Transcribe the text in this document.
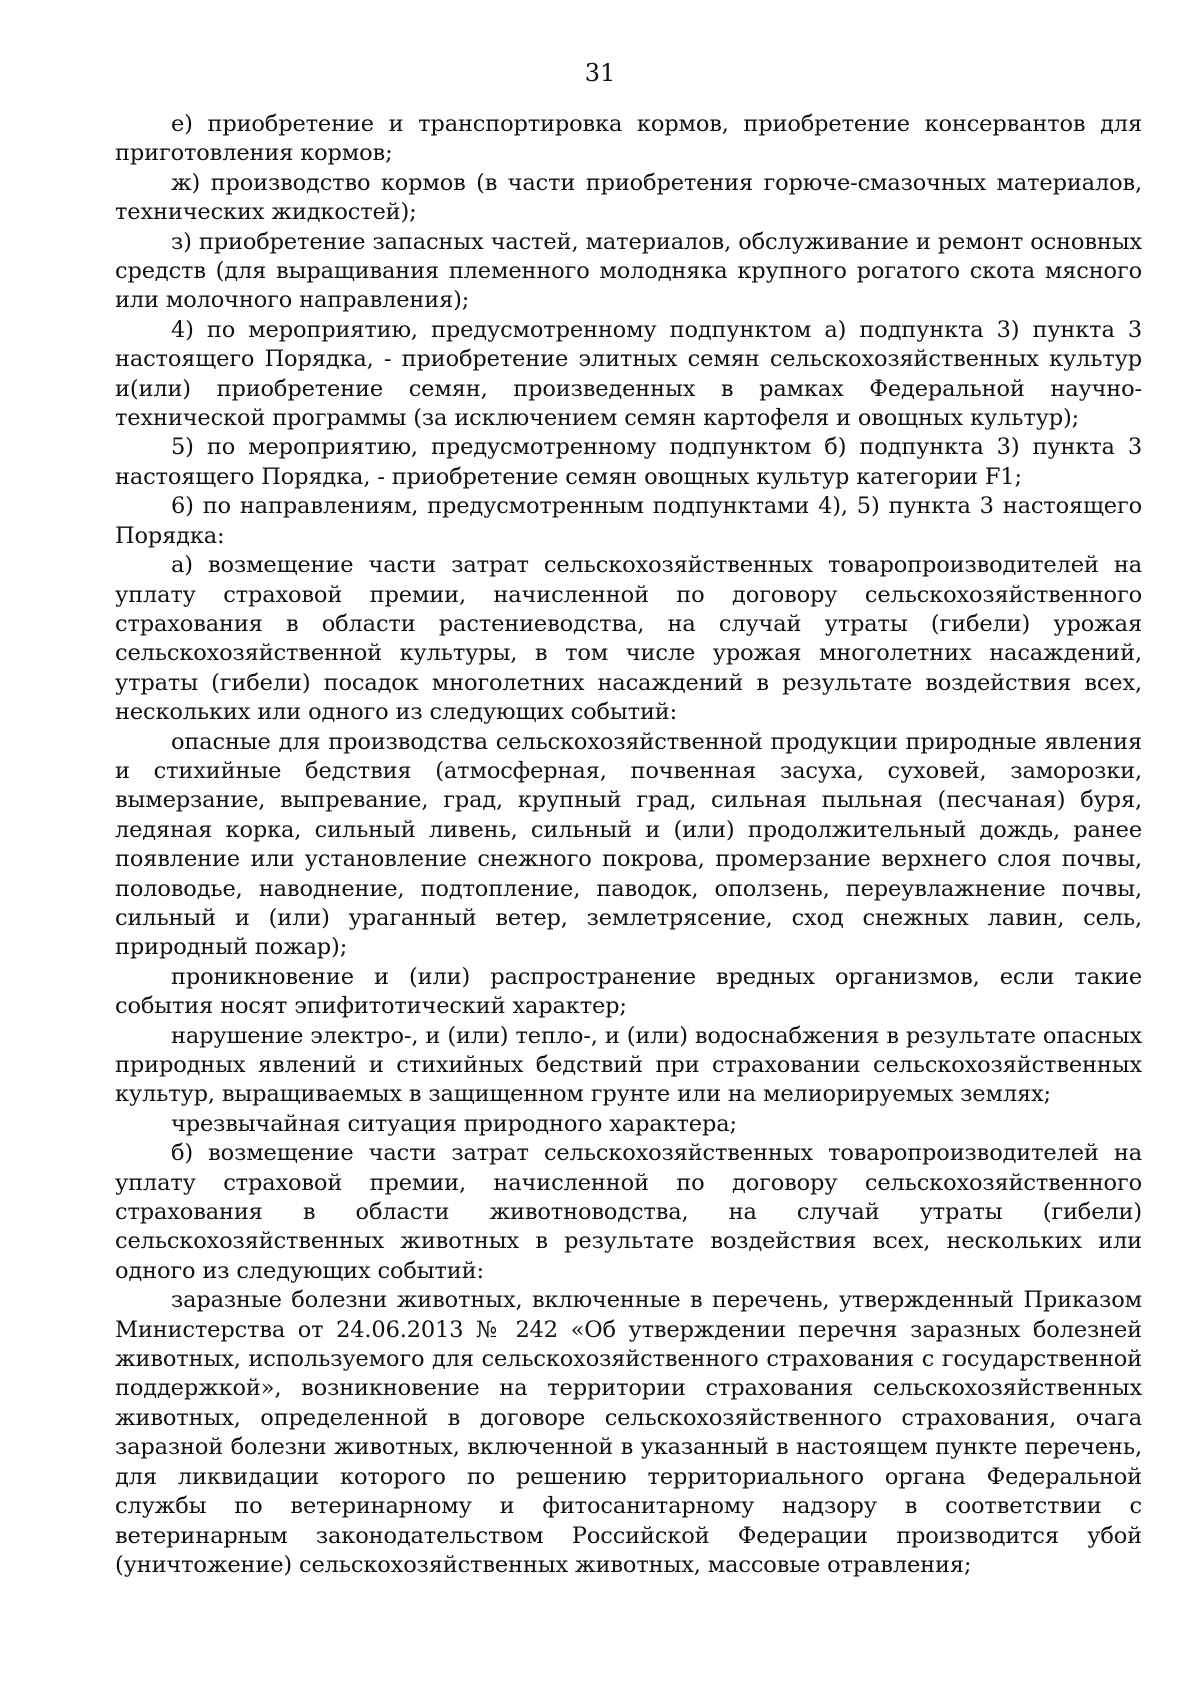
31

е) приобретение и транспортировка кормов, приобретение консервантов для приготовления кормов;

ж) производство кормов (в части приобретения горюче-смазочных материалов, технических жидкостей);

з) приобретение запасных частей, материалов, обслуживание и ремонт основных средств (для выращивания племенного молодняка крупного рогатого скота мясного или молочного направления);

4) по мероприятию, предусмотренному подпунктом а) подпункта 3) пункта 3 настоящего Порядка, - приобретение элитных семян сельскохозяйственных культур и(или) приобретение семян, произведенных в рамках Федеральной научно-технической программы (за исключением семян картофеля и овощных культур);

5) по мероприятию, предусмотренному подпунктом б) подпункта 3) пункта 3 настоящего Порядка, - приобретение семян овощных культур категории F1;

6) по направлениям, предусмотренным подпунктами 4), 5) пункта 3 настоящего Порядка:

а) возмещение части затрат сельскохозяйственных товаропроизводителей на уплату страховой премии, начисленной по договору сельскохозяйственного страхования в области растениеводства, на случай утраты (гибели) урожая сельскохозяйственной культуры, в том числе урожая многолетних насаждений, утраты (гибели) посадок многолетних насаждений в результате воздействия всех, нескольких или одного из следующих событий:

опасные для производства сельскохозяйственной продукции природные явления и стихийные бедствия (атмосферная, почвенная засуха, суховей, заморозки, вымерзание, выпревание, град, крупный град, сильная пыльная (песчаная) буря, ледяная корка, сильный ливень, сильный и (или) продолжительный дождь, ранее появление или установление снежного покрова, промерзание верхнего слоя почвы, половодье, наводнение, подтопление, паводок, оползень, переувлажнение почвы, сильный и (или) ураганный ветер, землетрясение, сход снежных лавин, сель, природный пожар);

проникновение и (или) распространение вредных организмов, если такие события носят эпифитотический характер;

нарушение электро-, и (или) тепло-, и (или) водоснабжения в результате опасных природных явлений и стихийных бедствий при страховании сельскохозяйственных культур, выращиваемых в защищенном грунте или на мелиорируемых землях;

чрезвычайная ситуация природного характера;

б) возмещение части затрат сельскохозяйственных товаропроизводителей на уплату страховой премии, начисленной по договору сельскохозяйственного страхования в области животноводства, на случай утраты (гибели) сельскохозяйственных животных в результате воздействия всех, нескольких или одного из следующих событий:

заразные болезни животных, включенные в перечень, утвержденный Приказом Министерства от 24.06.2013 № 242 «Об утверждении перечня заразных болезней животных, используемого для сельскохозяйственного страхования с государственной поддержкой», возникновение на территории страхования сельскохозяйственных животных, определенной в договоре сельскохозяйственного страхования, очага заразной болезни животных, включенной в указанный в настоящем пункте перечень, для ликвидации которого по решению территориального органа Федеральной службы по ветеринарному и фитосанитарному надзору в соответствии с ветеринарным законодательством Российской Федерации производится убой (уничтожение) сельскохозяйственных животных, массовые отравления;
